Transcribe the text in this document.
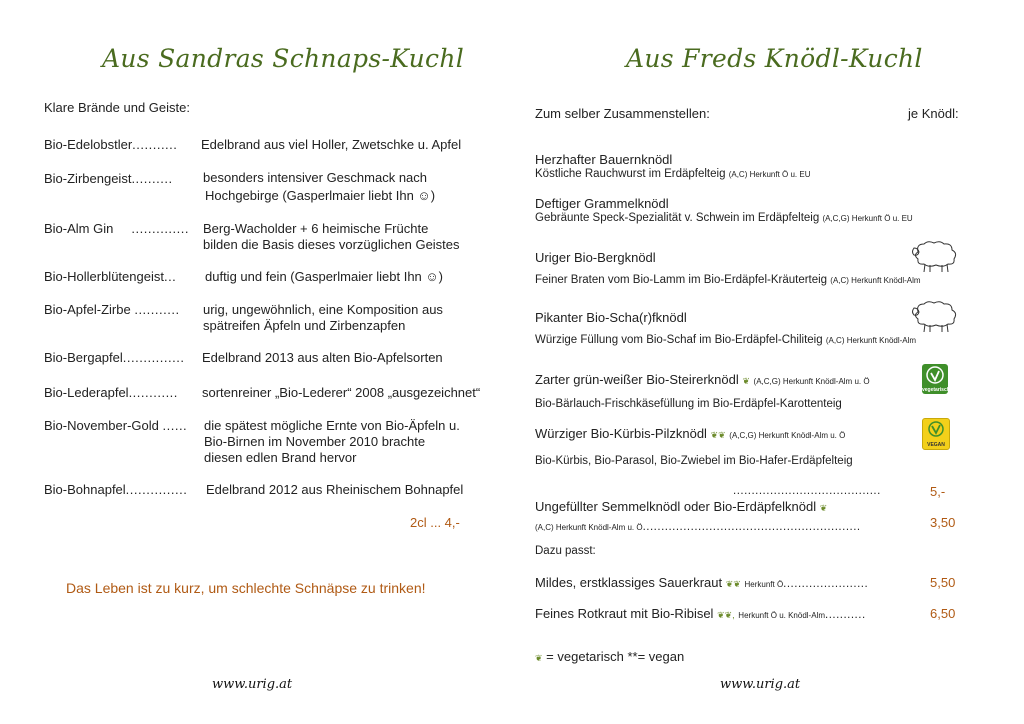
Aus Sandras Schnaps-Kuchl
Klare Brände und Geiste:
Bio-Edelobstler........... Edelbrand aus viel Holler, Zwetschke u. Apfel
Bio-Zirbengeist.......... besonders intensiver Geschmack nach
Hochgebirge (Gasperlmaier liebt Ihn ☺)
Bio-Alm Gin .............. Berg-Wacholder + 6 heimische Früchte
bilden die Basis dieses vorzüglichen Geistes
Bio-Hollerblütengeist... duftig und fein (Gasperlmaier liebt Ihn ☺)
Bio-Apfel-Zirbe ........... urig, ungewöhnlich, eine Komposition aus
spätreifen Äpfeln und Zirbenzapfen
Bio-Bergapfel............... Edelbrand 2013 aus alten Bio-Apfelsorten
Bio-Lederapfel............ sortenreiner „Bio-Lederer“ 2008 „ausgezeichnet“
Bio-November-Gold ...... die spätest mögliche Ernte von Bio-Äpfeln u.
Bio-Birnen im November 2010 brachte
diesen edlen Brand hervor
Bio-Bohnapfel............... Edelbrand 2012 aus Rheinischem Bohnapfel
2cl ... 4,-
Das Leben ist zu kurz, um schlechte Schnäpse zu trinken!
www.urig.at
Aus Freds Knödl-Kuchl
Zum selber Zusammenstellen:	je Knödl:
Herzhafter Bauernknödl
Köstliche Rauchwurst im Erdäpfelteig (A,C) Herkunft Ö u. EU
Deftiger Grammelknödl
Gebräunte Speck-Spezialität v. Schwein im Erdäpfelteig (A,C,G) Herkunft Ö u. EU
Uriger Bio-Bergknödl
Feiner Braten vom Bio-Lamm im Bio-Erdäpfel-Kräuterteig (A,C) Herkunft Knödl-Alm
Pikanter Bio-Scha(r)fknödl
Würzige Füllung vom Bio-Schaf im Bio-Erdäpfel-Chiliteig (A,C) Herkunft Knödl-Alm
Zarter grün-weißer Bio-Steirerknödl ❦ (A,C,G) Herkunft Knödl-Alm u. Ö
Bio-Bärlauch-Frischkäsefüllung im Bio-Erdäpfel-Karottenteig
Würziger Bio-Kürbis-Pilzknödl ❦❦ (A,C,G) Herkunft Knödl-Alm u. Ö
Bio-Kürbis, Bio-Parasol, Bio-Zwiebel im Bio-Hafer-Erdäpfelteig
vegetarisch
VEGAN
........................................	5,-
Ungefüllter Semmelknödl oder Bio-Erdäpfelknödl ❦
(A,C) Herkunft Knödl-Alm u. Ö...........................................................	3,50
Dazu passt:
Mildes, erstklassiges Sauerkraut ❦❦ Herkunft Ö.......................	5,50
Feines Rotkraut mit Bio-Ribisel ❦❦, Herkunft Ö u. Knödl-Alm...........	6,50
❦ = vegetarisch **= vegan
www.urig.at
